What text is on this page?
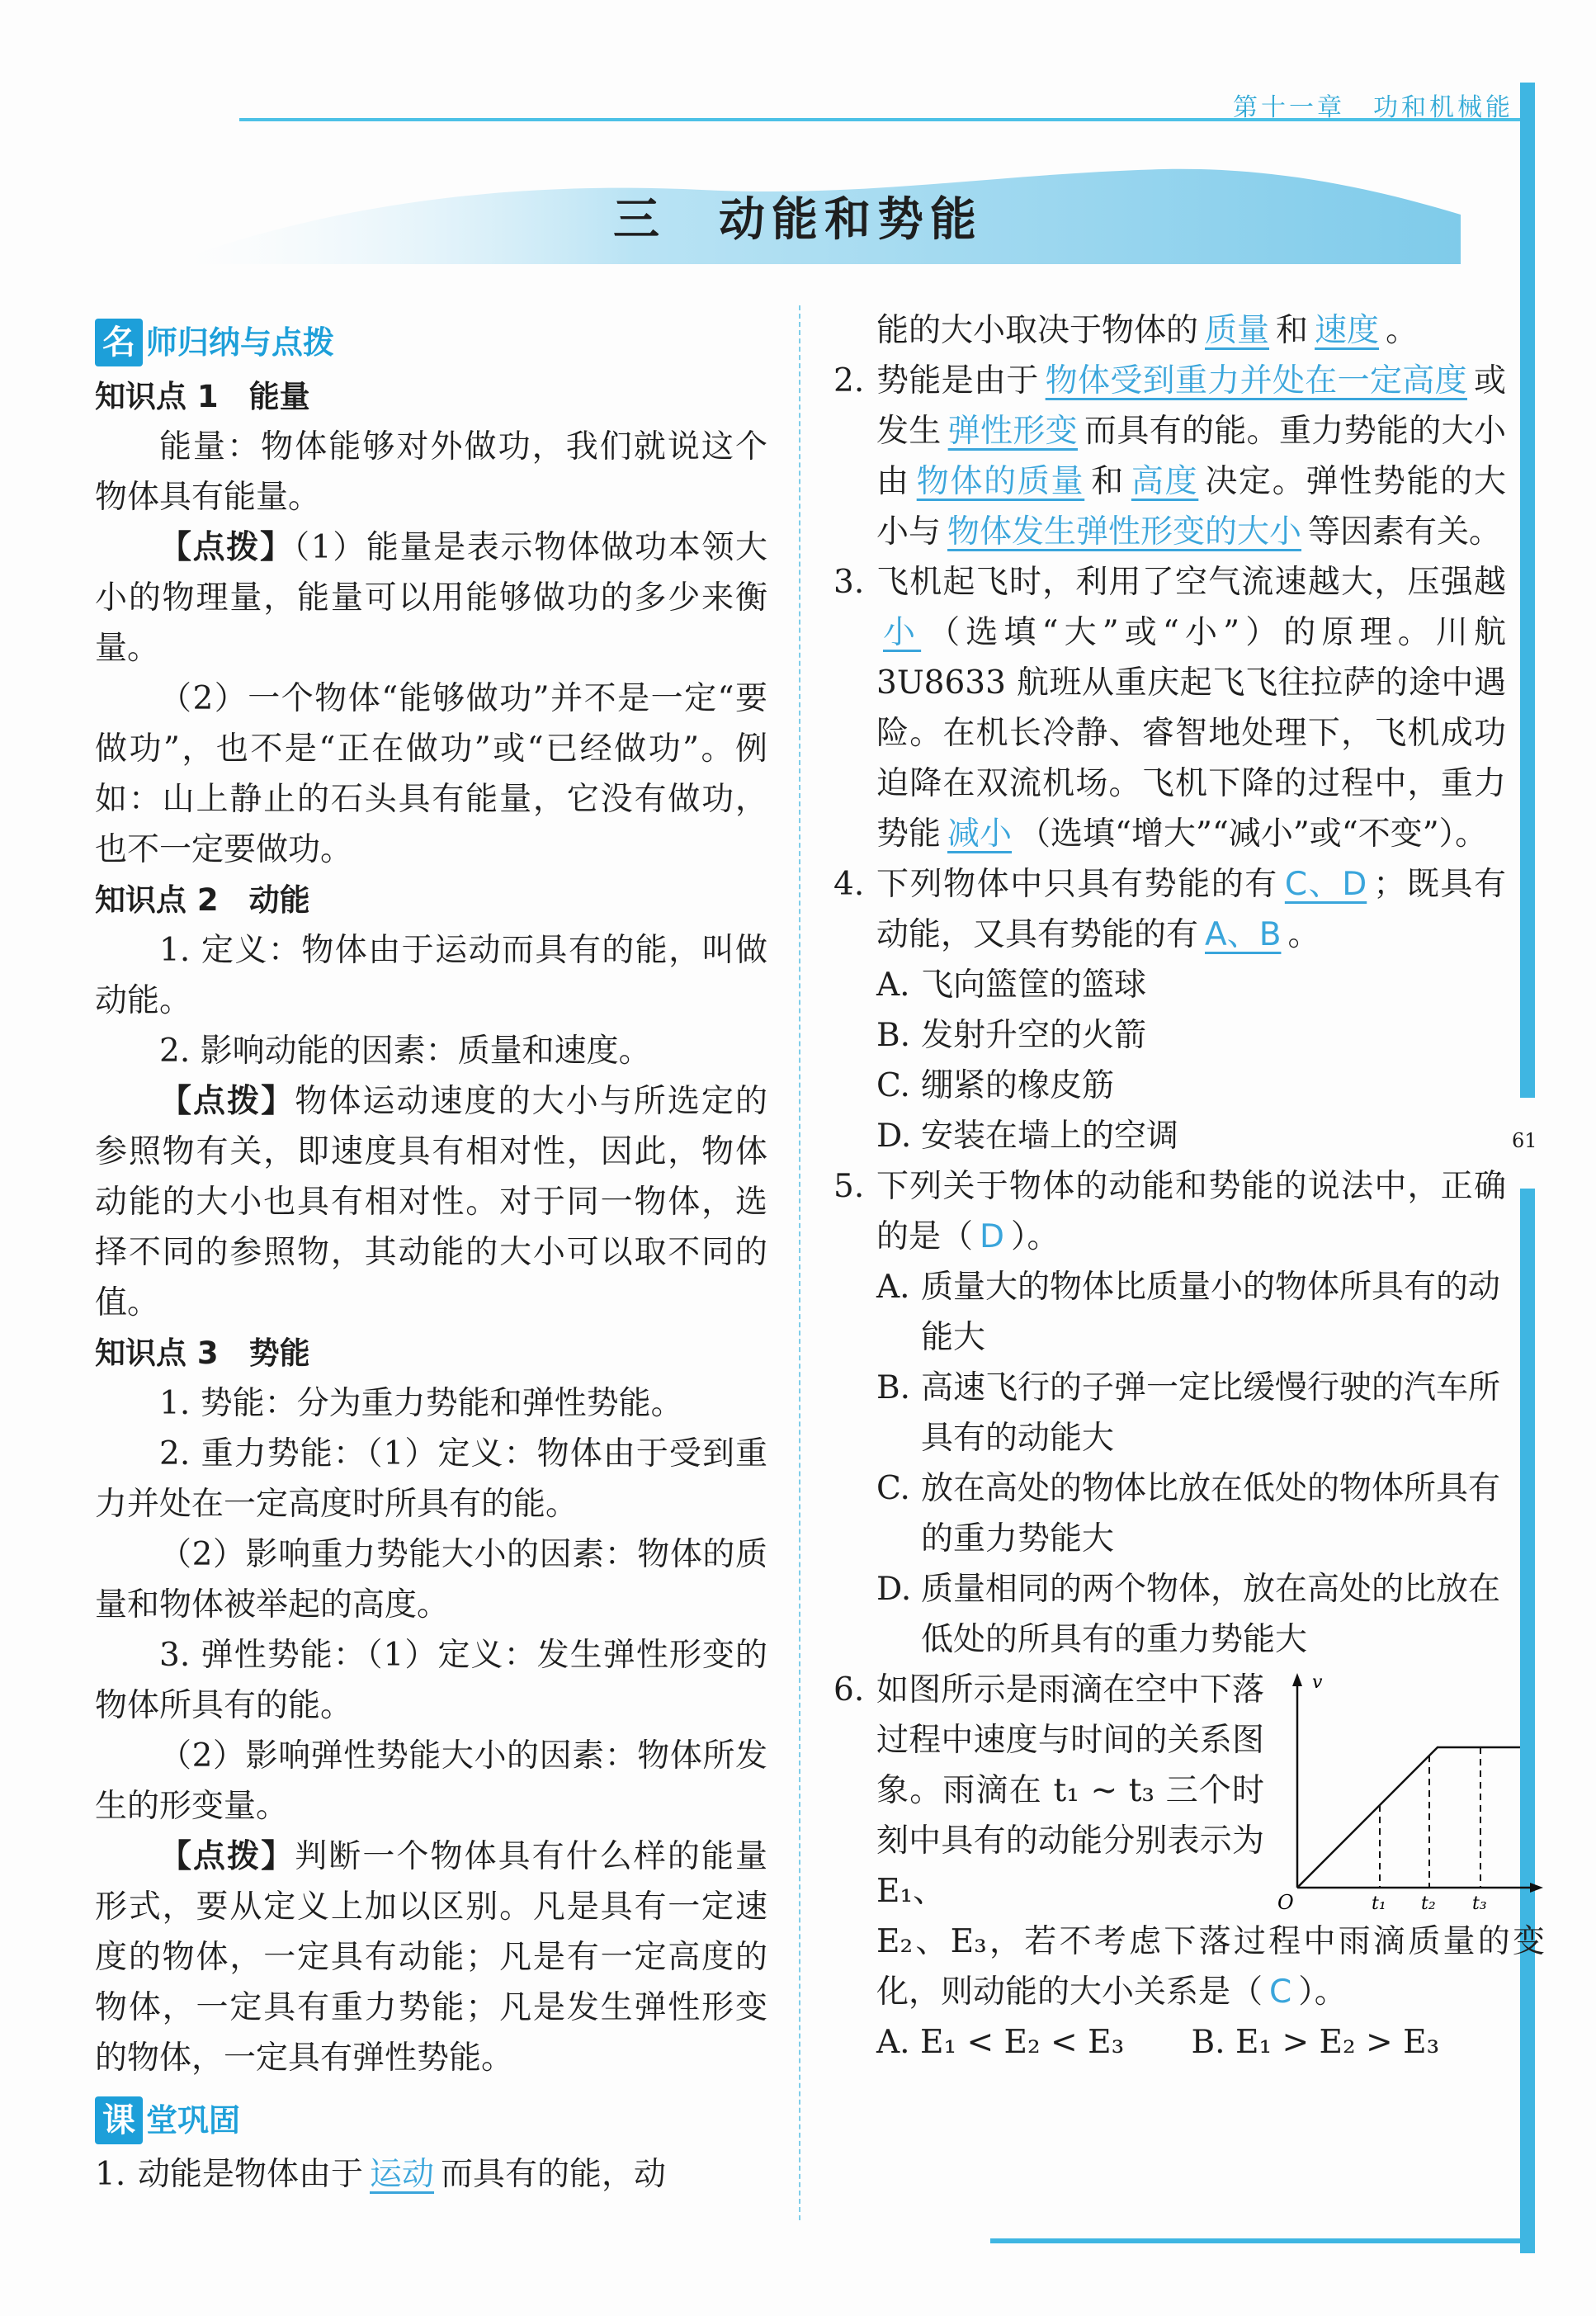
第十一章　功和机械能
61
三　动能和势能
名 师归纳与点拨
知识点 1　能量

能量：物体能够对外做功，我们就说这个物体具有能量。

【点拨】（1）能量是表示物体做功本领大小的物理量，能量可以用能够做功的多少来衡量。

（2）一个物体“能够做功”并不是一定“要做功”，也不是“正在做功”或“已经做功”。例如：山上静止的石头具有能量，它没有做功，也不一定要做功。

知识点 2　动能

1. 定义：物体由于运动而具有的能，叫做动能。

2. 影响动能的因素：质量和速度。

【点拨】物体运动速度的大小与所选定的参照物有关，即速度具有相对性，因此，物体动能的大小也具有相对性。对于同一物体，选择不同的参照物，其动能的大小可以取不同的值。

知识点 3　势能

1. 势能：分为重力势能和弹性势能。

2. 重力势能：（1）定义：物体由于受到重力并处在一定高度时所具有的能。

（2）影响重力势能大小的因素：物体的质量和物体被举起的高度。

3. 弹性势能：（1）定义：发生弹性形变的物体所具有的能。

（2）影响弹性势能大小的因素：物体所发生的形变量。

【点拨】判断一个物体具有什么样的能量形式，要从定义上加以区别。凡是具有一定速度的物体，一定具有动能；凡是有一定高度的物体，一定具有重力势能；凡是发生弹性形变的物体，一定具有弹性势能。

课 堂巩固
1. 动能是物体由于 运动 而具有的能，动
能的大小取决于物体的 质量 和 速度 。
2. 势能是由于 物体受到重力并处在一定高度 或发生 弹性形变 而具有的能。重力势能的大小由 物体的质量 和 高度 决定。弹性势能的大小与 物体发生弹性形变的大小 等因素有关。
3. 飞机起飞时，利用了空气流速越大，压强越小 （选填“大”或“小”）的原理。川航 3U8633 航班从重庆起飞飞往拉萨的途中遇险。在机长冷静、睿智地处理下，飞机成功迫降在双流机场。飞机下降的过程中，重力势能 减小 （选填“增大”“减小”或“不变”）。
4. 下列物体中只具有势能的有 C、D ；既具有动能，又具有势能的有 A、B 。
A. 飞向篮筐的篮球
B. 发射升空的火箭
C. 绷紧的橡皮筋
D. 安装在墙上的空调
5. 下列关于物体的动能和势能的说法中，正确的是（ D ）。
A. 质量大的物体比质量小的物体所具有的动能大
B. 高速飞行的子弹一定比缓慢行驶的汽车所具有的动能大
C. 放在高处的物体比放在低处的物体所具有的重力势能大
D. 质量相同的两个物体，放在高处的比放在低处的所具有的重力势能大
6. 如图所示是雨滴在空中下落过程中速度与时间的关系图象。雨滴在 t₁ ~ t₃ 三个时刻中具有的动能分别表示为 E₁、
v
O	t₁ t₂ t₃
E₂、E₃，若不考虑下落过程中雨滴质量的变化，则动能的大小关系是（ C ）。
A. E₁ < E₂ < E₃	B. E₁ > E₂ > E₃
